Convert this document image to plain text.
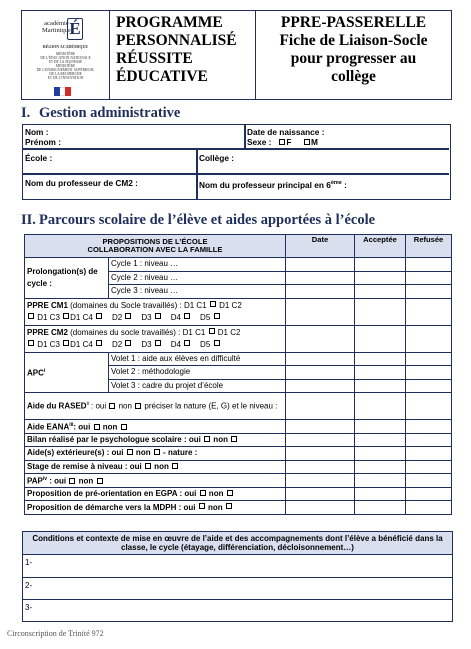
académie
Martinique
É
RÉGION ACADÉMIQUE
MINISTÈRE
DE L'ÉDUCATION NATIONALE
ET DE LA JEUNESSE
MINISTÈRE
DE L'ENSEIGNEMENT SUPÉRIEUR,
DE LA RECHERCHE
ET DE L'INNOVATION
PROGRAMME
PERSONNALISÉ
RÉUSSITE
ÉDUCATIVE
PPRE-PASSERELLE
Fiche de Liaison-Socle
pour progresser au
collège
I. Gestion administrative
Nom :
Prénom :
Date de naissance :
Sexe : F M
École :	Collège :
Nom du professeur de CM2 :	Nom du professeur principal en 6ème :
II. Parcours scolaire de l’élève et aides apportées à l’école
PROPOSITIONS DE L’ÉCOLE COLLABORATION AVEC LA FAMILLE		Date	Acceptée	Refusée
Prolongation(s) de cycle :	Cycle 1 : niveau …			
	Cycle 2 : niveau …			
	Cycle 3 : niveau …			

PPRE CM1 (domaines du Socle travaillés) : D1 C1  D1 C2
D1 C3 D1 C4 D2 D3 D4 D5				

PPRE CM2 (domaines du socle travaillés) : D1 C1  D1 C2
D1 C3 D1 C4 D2 D3 D4 D5				

APC$^i$	Volet 1 : aide aux élèves en difficulté			
	Volet 2 : méthodologie			
	Volet 3 : cadre du projet d’école			
Aide du RASED$^{ii}$ : oui  non  préciser la nature (E, G) et le niveau :				
Aide EANA$^{iii}$: oui  non				
Bilan réalisé par le psychologue scolaire : oui  non				
Aide(s) extérieure(s) : oui  non  - nature :				
Stage de remise à niveau : oui  non				
PAP$^{iv}$ : oui  non				
Proposition de pré-orientation en EGPA : oui  non				
Proposition de démarche vers la MDPH : oui  non				
Conditions et contexte de mise en œuvre de l’aide et des accompagnements dont l’élève a bénéficié dans la classe, le cycle (étayage, différenciation, décloisonnement…)
1-
2-
3-
Circonscription de Trinité 972
